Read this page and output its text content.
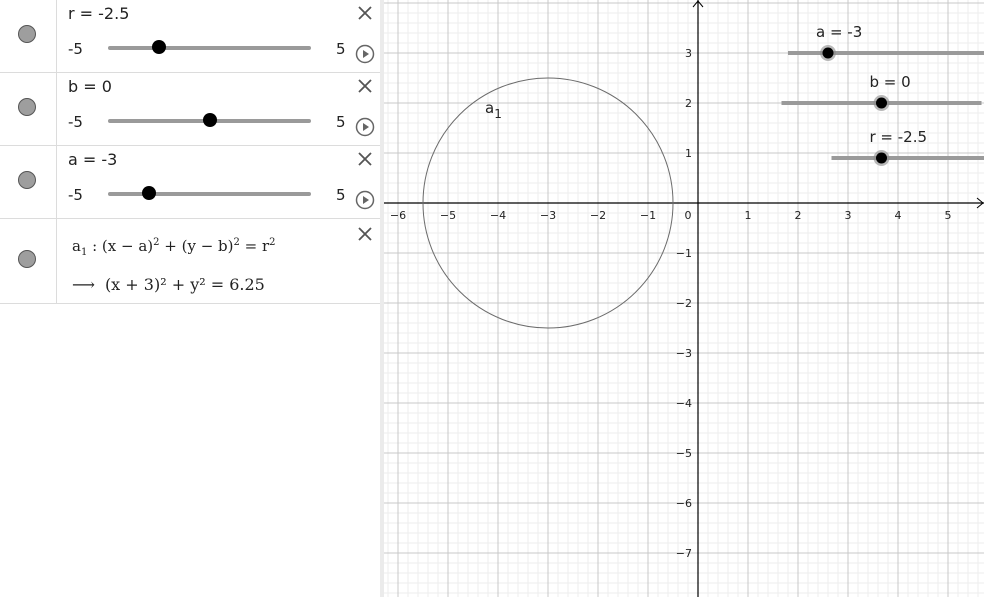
r = -2.5
-5	5
b = 0
-5	5
a = -3
-5	5
$a_1$ : $(x - a)^2 + (y - b)^2 = r^2$
⟶ (x + 3)² + y² = 6.25
−6	−5	−4	−3	−2	−1	0	1	2	3	4	5
3
2
1
−1
−2
−3
−4
−5
−6
−7
$a_1$
a = -3
b = 0
r = -2.5
